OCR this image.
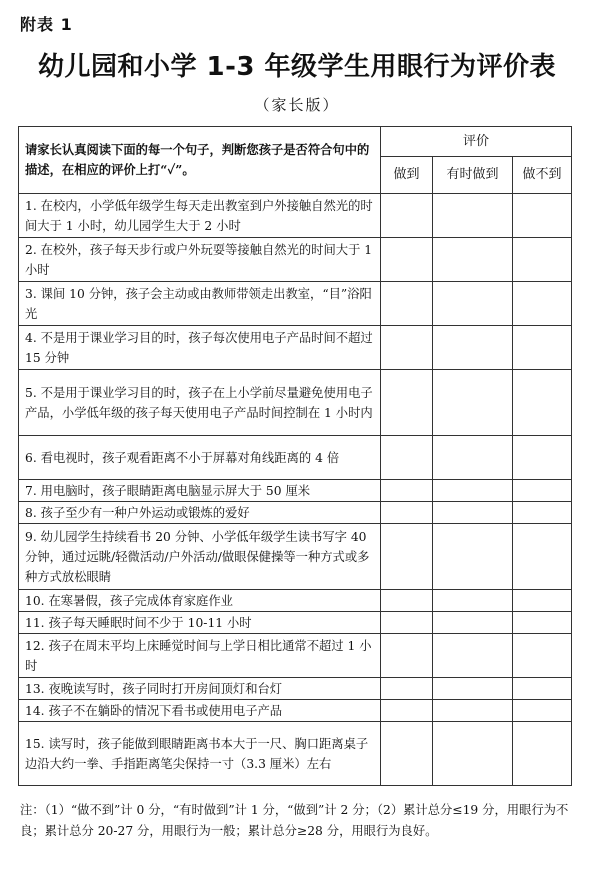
附表 1
幼儿园和小学 1-3 年级学生用眼行为评价表
（家长版）
请家长认真阅读下面的每一个句子，判断您孩子是否符合句中的描述，在相应的评价上打“✓”。	评价		
	做到	有时做到	做不到
1. 在校内，小学低年级学生每天走出教室到户外接触自然光的时间大于 1 小时，幼儿园学生大于 2 小时			
2. 在校外，孩子每天步行或户外玩耍等接触自然光的时间大于 1 小时			
3. 课间 10 分钟，孩子会主动或由教师带领走出教室，“目”浴阳光			
4. 不是用于课业学习目的时，孩子每次使用电子产品时间不超过 15 分钟			
5. 不是用于课业学习目的时，孩子在上小学前尽量避免使用电子产品，小学低年级的孩子每天使用电子产品时间控制在 1 小时内			
6. 看电视时，孩子观看距离不小于屏幕对角线距离的 4 倍			
7. 用电脑时，孩子眼睛距离电脑显示屏大于 50 厘米			
8. 孩子至少有一种户外运动或锻炼的爱好			
9. 幼儿园学生持续看书 20 分钟、小学低年级学生读书写字 40 分钟，通过远眺/轻微活动/户外活动/做眼保健操等一种方式或多种方式放松眼睛			
10. 在寒暑假，孩子完成体育家庭作业			
11. 孩子每天睡眠时间不少于 10-11 小时			
12. 孩子在周末平均上床睡觉时间与上学日相比通常不超过 1 小时			
13. 夜晚读写时，孩子同时打开房间顶灯和台灯			
14. 孩子不在躺卧的情况下看书或使用电子产品			
15. 读写时，孩子能做到眼睛距离书本大于一尺、胸口距离桌子边沿大约一拳、手指距离笔尖保持一寸（3.3 厘米）左右			
注：（1）“做不到”计 0 分，“有时做到”计 1 分，“做到”计 2 分；（2）累计总分≤19 分，用眼行为不良；累计总分 20-27 分，用眼行为一般；累计总分≥28 分，用眼行为良好。
